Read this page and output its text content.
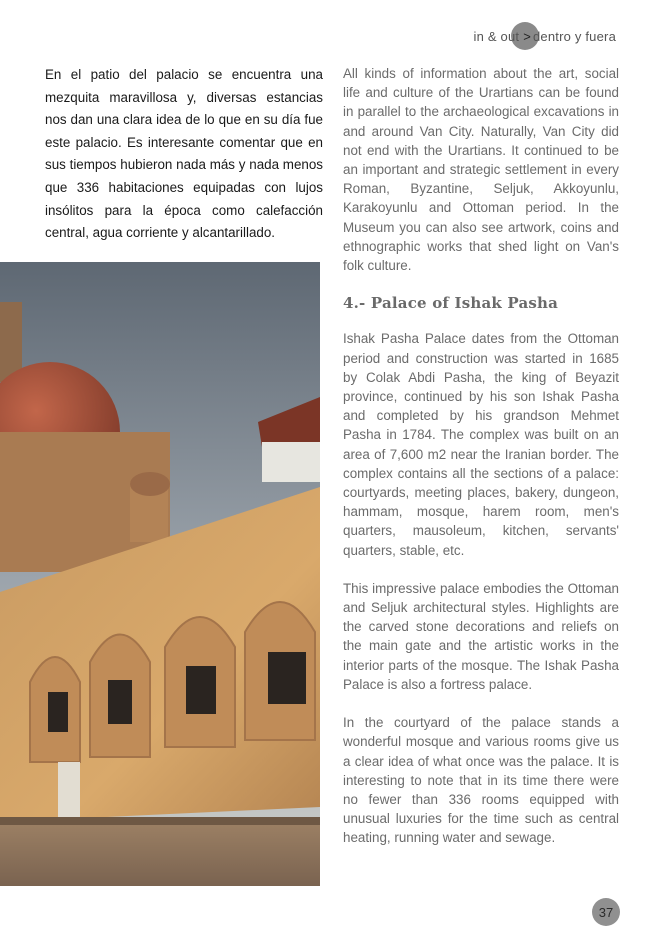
in & out > dentro y fuera

En el patio del palacio se encuentra una mezquita maravillosa y, diversas estancias nos dan una clara idea de lo que en su día fue este palacio. Es interesante comentar que en sus tiempos hubieron nada más y nada menos que 336 habitaciones equipadas con lujos insólitos para la época como calefacción central, agua corriente y alcantarillado.

All kinds of information about the art, social life and culture of the Urartians can be found in parallel to the archaeological excavations in and around Van City. Naturally, Van City did not end with the Urartians. It continued to be an important and strategic settlement in every Roman, Byzantine, Seljuk, Akkoyunlu, Karakoyunlu and Ottoman period. In the Museum you can also see artwork, coins and ethnographic works that shed light on Van's folk culture.

4.- Palace of Ishak Pasha

Ishak Pasha Palace dates from the Ottoman period and construction was started in 1685 by Colak Abdi Pasha, the king of Beyazit province, continued by his son Ishak Pasha and completed by his grandson Mehmet Pasha in 1784. The complex was built on an area of 7,600 m2 near the Iranian border. The complex contains all the sections of a palace: courtyards, meeting places, bakery, dungeon, hammam, mosque, harem room, men's quarters, mausoleum, kitchen, servants' quarters, stable, etc.

This impressive palace embodies the Ottoman and Seljuk architectural styles. Highlights are the carved stone decorations and reliefs on the main gate and the artistic works in the interior parts of the mosque. The Ishak Pasha Palace is also a fortress palace.

In the courtyard of the palace stands a wonderful mosque and various rooms give us a clear idea of what once was the palace. It is interesting to note that in its time there were no fewer than 336 rooms equipped with unusual luxuries for the time such as central heating, running water and sewage.

37
